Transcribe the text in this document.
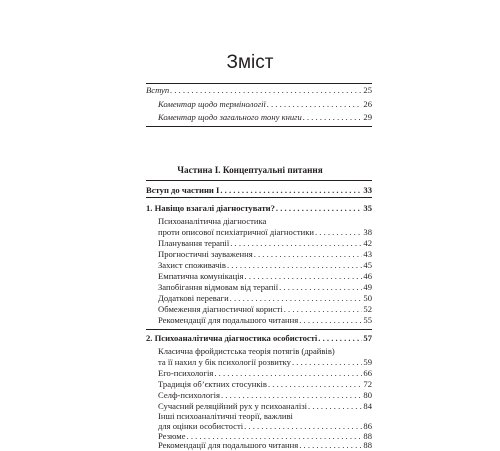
Зміст
Вступ . . .	25
Коментар щодо термінології . . .	26
Коментар щодо загального тону книги . . .	29
Частина I. Концептуальні питання
Вступ до частини I . . .	33
1. Навіщо взагалі діагностувати? . . .	35
Психоаналітична діагностика
проти описової психіатричної діагностики . . .	38
Планування терапії . . .	42
Прогностичні зауваження . . .	43
Захист споживачів . . .	45
Емпатична комунікація . . .	46
Запобігання відмовам від терапії . . .	49
Додаткові переваги . . .	50
Обмеження діагностичної користі . . .	52
Рекомендації для подальшого читання . . .	55
2. Психоаналітична діагностика особистості . . .	57
Класична фройдистська теорія потягів (драйвів)
та її нахил у бік психології розвитку . . .	59
Его-психологія . . .	66
Традиція об’єктних стосунків . . .	72
Селф-психологія . . .	80
Сучасний реляційний рух у психоаналізі . . .	84
Інші психоаналітичні теорії, важливі
для оцінки особистості . . .	86
Резюме . . .	88
Рекомендації для подальшого читання . . .	88
